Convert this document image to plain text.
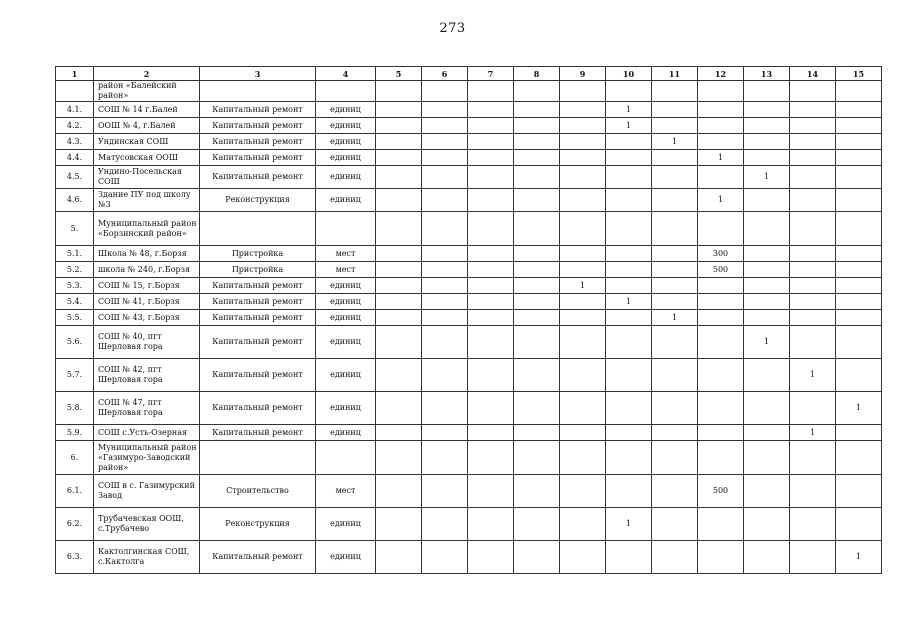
273
1	2	3	4	5	6	7	8	9	10	11	12	13	14	15
	район «Балейский район»													
4.1.	СОШ № 14 г.Балей	Капитальный ремонт	единиц						1					
4.2.	ООШ № 4, г.Балей	Капитальный ремонт	единиц						1					
4.3.	Ундинская СОШ	Капитальный ремонт	единиц							1				
4.4.	Матусовская ООШ	Капитальный ремонт	единиц								1			
4.5.	Ундино-Посельская СОШ	Капитальный ремонт	единиц									1		
4.6.	Здание ПУ под школу №3	Реконструкция	единиц								1			
5.	Муниципальный район «Борзинский район»													
5.1.	Школа № 48, г.Борзя	Пристройка	мест								300			
5.2.	школа № 240, г.Борзя	Пристройка	мест								500			
5.3.	СОШ № 15, г.Борзя	Капитальный ремонт	единиц					1						
5.4.	СОШ № 41, г.Борзя	Капитальный ремонт	единиц						1					
5.5.	СОШ № 43, г.Борзя	Капитальный ремонт	единиц							1				
5.6.	СОШ № 40, пгт Шерловая гора	Капитальный ремонт	единиц									1		
5.7.	СОШ № 42, пгт Шерловая гора	Капитальный ремонт	единиц										1	
5.8.	СОШ № 47, пгт Шерловая гора	Капитальный ремонт	единиц											1
5.9.	СОШ с.Усть-Озерная	Капитальный ремонт	единиц										1	
6.	Муниципальный район «Газимуро-Заводский район»													
6.1.	СОШ в с. Газимурский Завод	Строительство	мест								500			
6.2.	Трубачевская ООШ, с.Трубачево	Реконструкция	единиц						1					
6.3.	Кактолгинская СОШ, с.Кактолга	Капитальный ремонт	единиц											1
